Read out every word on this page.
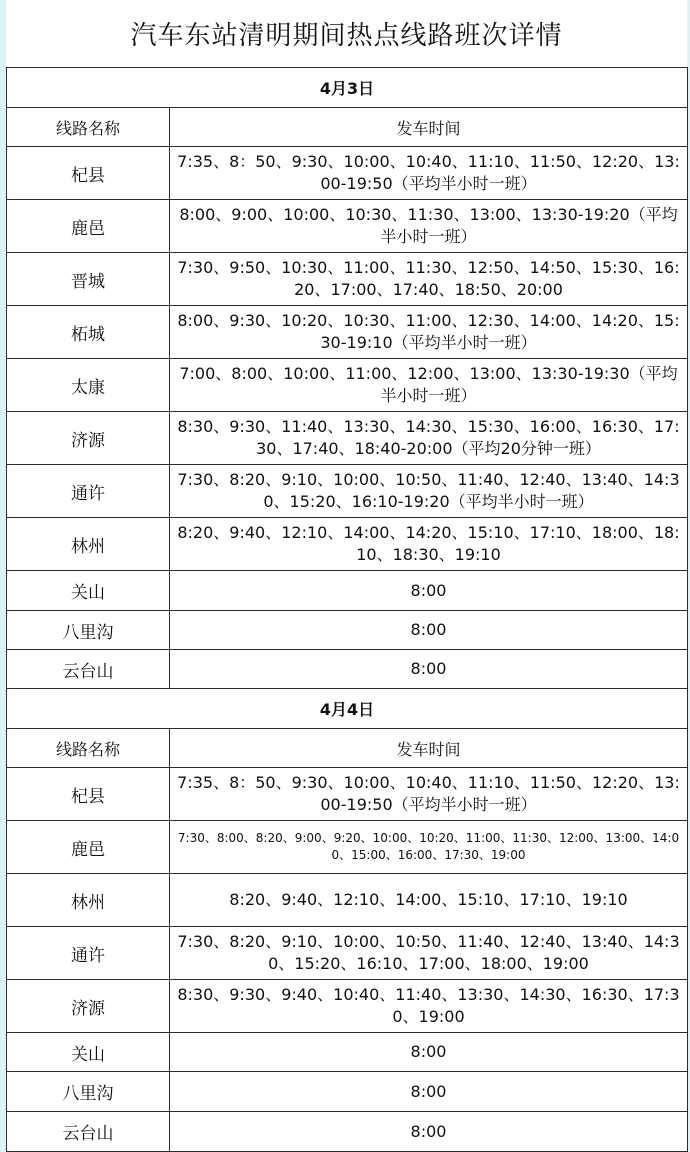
汽车东站清明期间热点线路班次详情
4月3日	
线路名称	发车时间
杞县	7:35、8：50、9:30、10:00、10:40、11:10、11:50、12:20、13:00-19:50（平均半小时一班）
鹿邑	8:00、9:00、10:00、10:30、11:30、13:00、13:30-19:20（平均半小时一班）
晋城	7:30、9:50、10:30、11:00、11:30、12:50、14:50、15:30、16:20、17:00、17:40、18:50、20:00
柘城	8:00、9:30、10:20、10:30、11:00、12:30、14:00、14:20、15:30-19:10（平均半小时一班）
太康	7:00、8:00、10:00、11:00、12:00、13:00、13:30-19:30（平均半小时一班）
济源	8:30、9:30、11:40、13:30、14:30、15:30、16:00、16:30、17:30、17:40、18:40-20:00（平均20分钟一班）
通许	7:30、8:20、9:10、10:00、10:50、11:40、12:40、13:40、14:30、15:20、16:10-19:20（平均半小时一班）
林州	8:20、9:40、12:10、14:00、14:20、15:10、17:10、18:00、18:10、18:30、19:10
关山	8:00
八里沟	8:00
云台山	8:00
4月4日	
线路名称	发车时间
杞县	7:35、8：50、9:30、10:00、10:40、11:10、11:50、12:20、13:00-19:50（平均半小时一班）
鹿邑	7:30、8:00、8:20、9:00、9:20、10:00、10:20、11:00、11:30、12:00、13:00、14:00、15:00、16:00、17:30、19:00
林州	8:20、9:40、12:10、14:00、15:10、17:10、19:10
通许	7:30、8:20、9:10、10:00、10:50、11:40、12:40、13:40、14:30、15:20、16:10、17:00、18:00、19:00
济源	8:30、9:30、9:40、10:40、11:40、13:30、14:30、16:30、17:30、19:00
关山	8:00
八里沟	8:00
云台山	8:00
